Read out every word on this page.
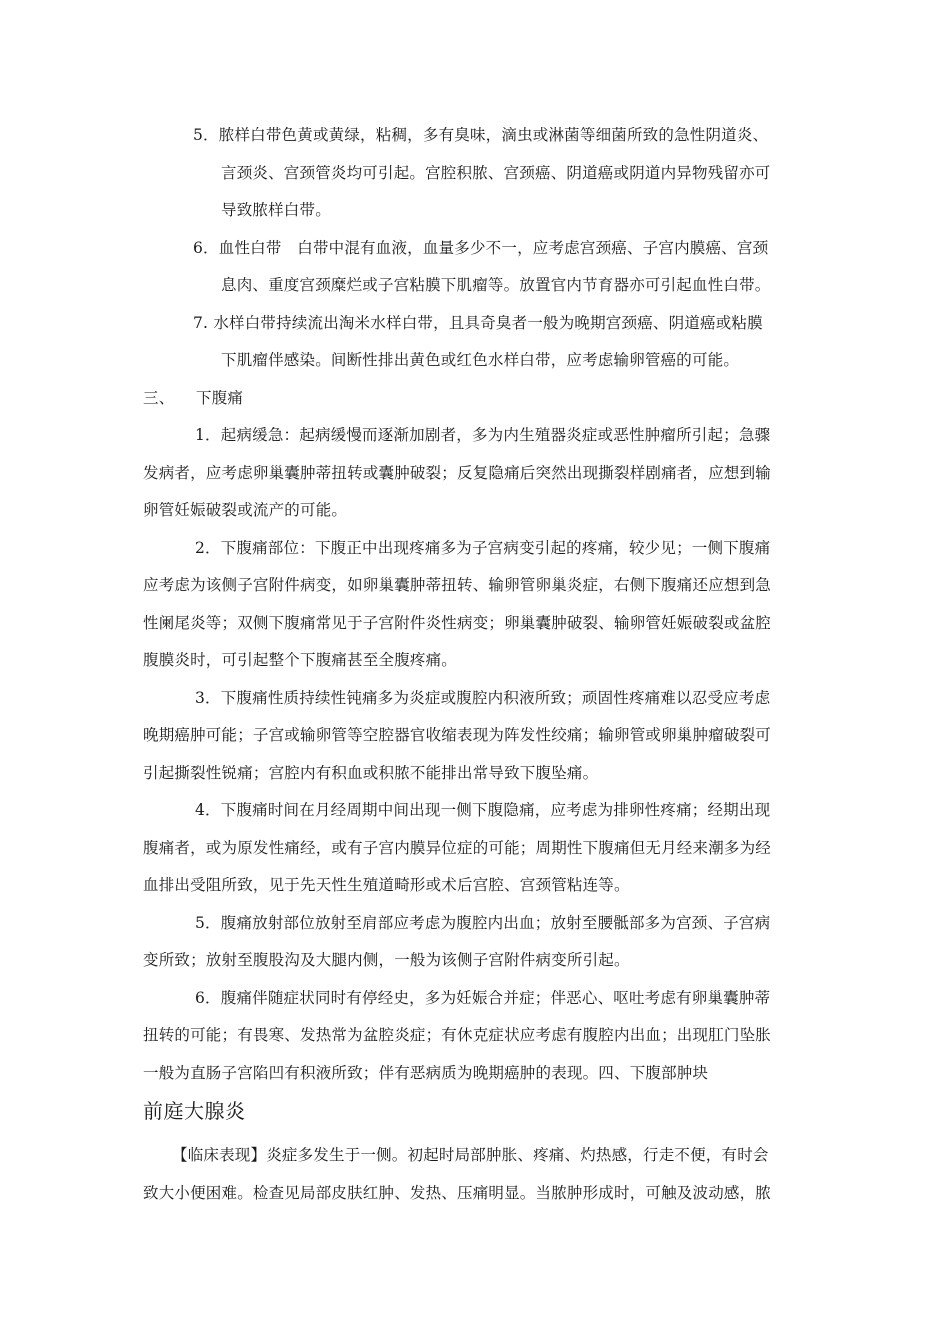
5．脓样白带色黄或黄绿，粘稠，多有臭味，滴虫或淋菌等细菌所致的急性阴道炎、
言颈炎、宫颈管炎均可引起。宫腔积脓、宫颈癌、阴道癌或阴道内异物残留亦可
导致脓样白带。
6．血性白带　白带中混有血液，血量多少不一，应考虑宫颈癌、子宫内膜癌、宫颈
息肉、重度宫颈糜烂或子宫粘膜下肌瘤等。放置官内节育器亦可引起血性白带。
7. 水样白带持续流出淘米水样白带，且具奇臭者一般为晚期宫颈癌、阴道癌或粘膜
下肌瘤伴感染。间断性排出黄色或红色水样白带，应考虑输卵管癌的可能。
三、 下腹痛
1．起病缓急：起病缓慢而逐渐加剧者，多为内生殖器炎症或恶性肿瘤所引起；急骤
发病者，应考虑卵巢囊肿蒂扭转或囊肿破裂；反复隐痛后突然出现撕裂样剧痛者，应想到输
卵管妊娠破裂或流产的可能。
2．下腹痛部位：下腹正中出现疼痛多为子宫病变引起的疼痛，较少见；一侧下腹痛
应考虑为该侧子宫附件病变，如卵巢囊肿蒂扭转、输卵管卵巢炎症，右侧下腹痛还应想到急
性阑尾炎等；双侧下腹痛常见于子宫附件炎性病变；卵巢囊肿破裂、输卵管妊娠破裂或盆腔
腹膜炎时，可引起整个下腹痛甚至全腹疼痛。
3．下腹痛性质持续性钝痛多为炎症或腹腔内积液所致；顽固性疼痛难以忍受应考虑
晚期癌肿可能；子宫或输卵管等空腔器官收缩表现为阵发性绞痛；输卵管或卵巢肿瘤破裂可
引起撕裂性锐痛；宫腔内有积血或积脓不能排出常导致下腹坠痛。
4．下腹痛时间在月经周期中间出现一侧下腹隐痛，应考虑为排卵性疼痛；经期出现
腹痛者，或为原发性痛经，或有子宫内膜异位症的可能；周期性下腹痛但无月经来潮多为经
血排出受阻所致，见于先天性生殖道畸形或术后宫腔、宫颈管粘连等。
5．腹痛放射部位放射至肩部应考虑为腹腔内出血；放射至腰骶部多为宫颈、子宫病
变所致；放射至腹股沟及大腿内侧，一般为该侧子宫附件病变所引起。
6．腹痛伴随症状同时有停经史，多为妊娠合并症；伴恶心、呕吐考虑有卵巢囊肿蒂
扭转的可能；有畏寒、发热常为盆腔炎症；有休克症状应考虑有腹腔内出血；出现肛门坠胀
一般为直肠子宫陷凹有积液所致；伴有恶病质为晚期癌肿的表现。四、下腹部肿块
前庭大腺炎
【临床表现】炎症多发生于一侧。初起时局部肿胀、疼痛、灼热感，行走不便，有时会
致大小便困难。检查见局部皮肤红肿、发热、压痛明显。当脓肿形成时，可触及波动感，脓
